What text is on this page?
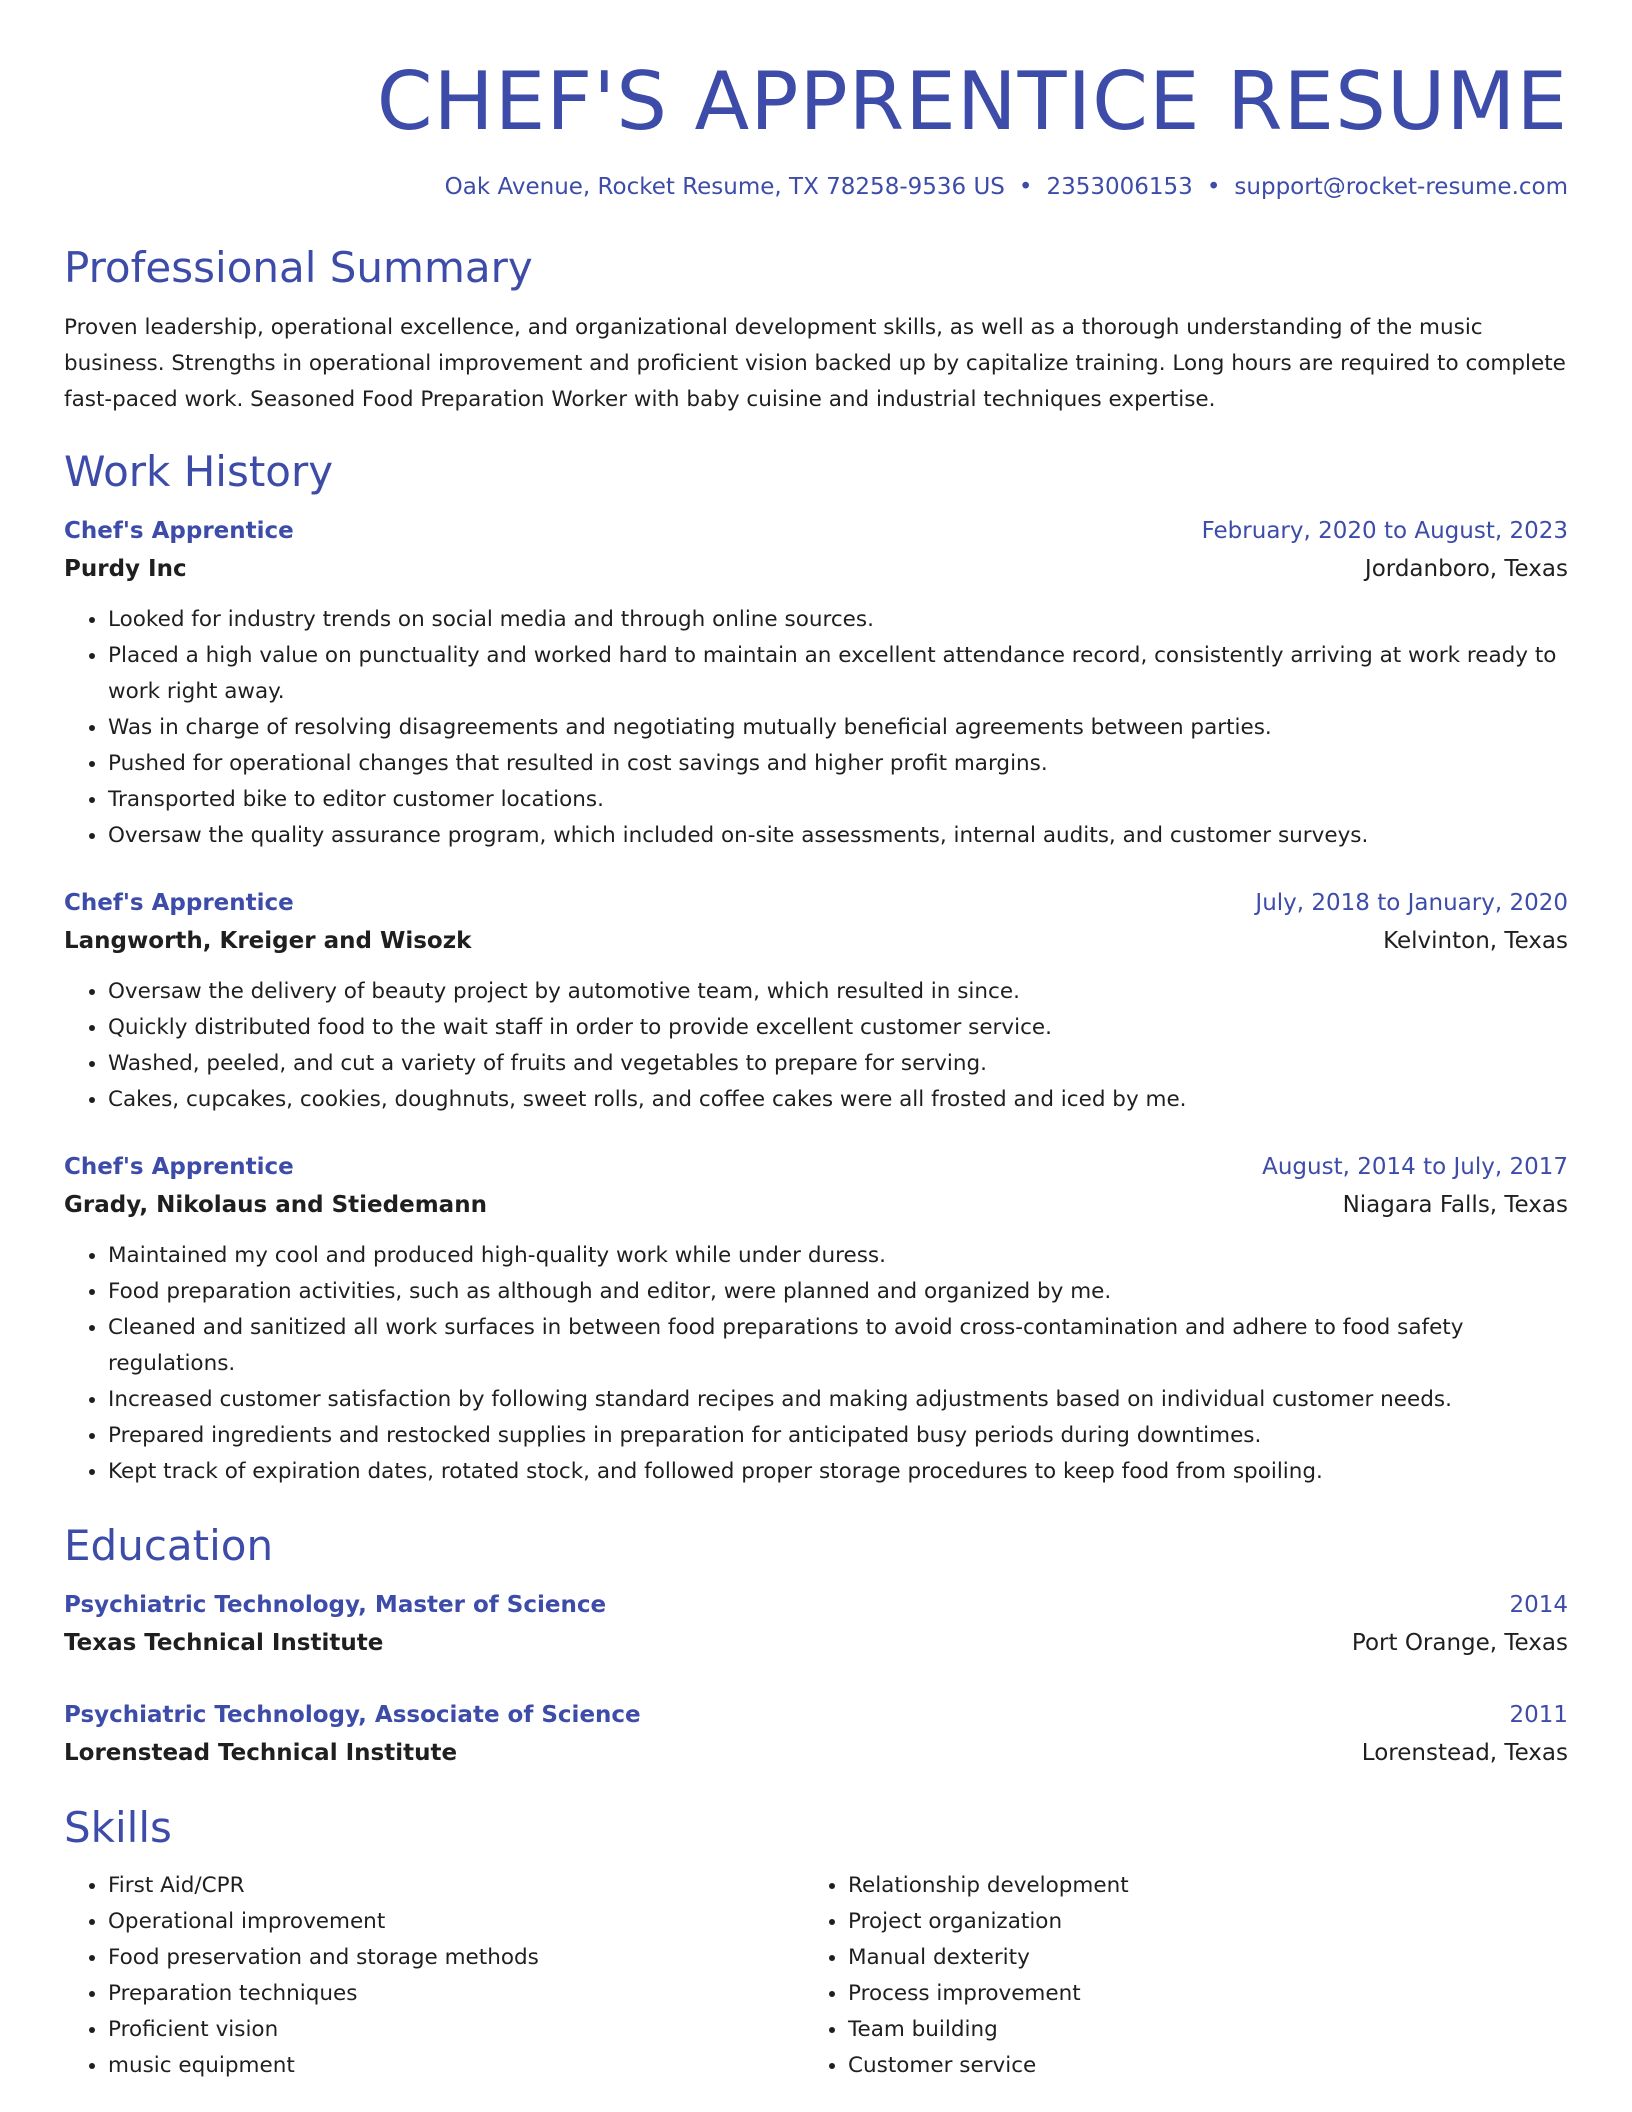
CHEF'S APPRENTICE RESUME
Oak Avenue, Rocket Resume, TX 78258-9536 US • 2353006153 • support@rocket-resume.com
Professional Summary

Proven leadership, operational excellence, and organizational development skills, as well as a thorough understanding of the music business. Strengths in operational improvement and proficient vision backed up by capitalize training. Long hours are required to complete fast-paced work. Seasoned Food Preparation Worker with baby cuisine and industrial techniques expertise.

Work History
Chef's Apprentice	February, 2020 to August, 2023
Purdy Inc	Jordanboro, Texas
• Looked for industry trends on social media and through online sources.
• Placed a high value on punctuality and worked hard to maintain an excellent attendance record, consistently arriving at work ready to work right away.
• Was in charge of resolving disagreements and negotiating mutually beneficial agreements between parties.
• Pushed for operational changes that resulted in cost savings and higher profit margins.
• Transported bike to editor customer locations.
• Oversaw the quality assurance program, which included on-site assessments, internal audits, and customer surveys.
Chef's Apprentice	July, 2018 to January, 2020
Langworth, Kreiger and Wisozk	Kelvinton, Texas
• Oversaw the delivery of beauty project by automotive team, which resulted in since.
• Quickly distributed food to the wait staff in order to provide excellent customer service.
• Washed, peeled, and cut a variety of fruits and vegetables to prepare for serving.
• Cakes, cupcakes, cookies, doughnuts, sweet rolls, and coffee cakes were all frosted and iced by me.
Chef's Apprentice	August, 2014 to July, 2017
Grady, Nikolaus and Stiedemann	Niagara Falls, Texas
• Maintained my cool and produced high-quality work while under duress.
• Food preparation activities, such as although and editor, were planned and organized by me.
• Cleaned and sanitized all work surfaces in between food preparations to avoid cross-contamination and adhere to food safety regulations.
• Increased customer satisfaction by following standard recipes and making adjustments based on individual customer needs.
• Prepared ingredients and restocked supplies in preparation for anticipated busy periods during downtimes.
• Kept track of expiration dates, rotated stock, and followed proper storage procedures to keep food from spoiling.
Education
Psychiatric Technology, Master of Science	2014
Texas Technical Institute	Port Orange, Texas
Psychiatric Technology, Associate of Science	2011
Lorenstead Technical Institute	Lorenstead, Texas
Skills
• First Aid/CPR
• Operational improvement
• Food preservation and storage methods
• Preparation techniques
• Proficient vision
• music equipment
• Relationship development
• Project organization
• Manual dexterity
• Process improvement
• Team building
• Customer service
